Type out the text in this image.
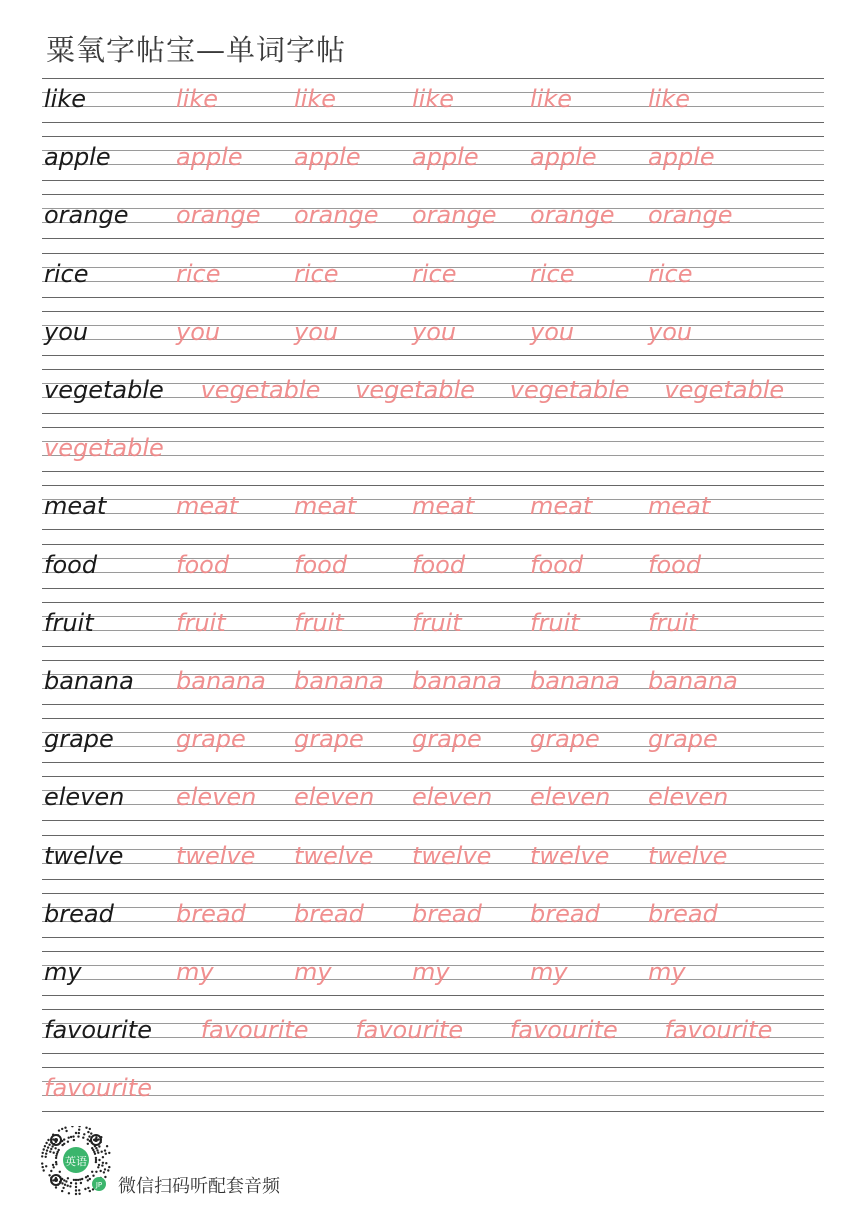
粟氧字帖宝—单词字帖
like	like	like	like	like	like
apple	apple apple apple apple apple
orange orange orange orange orange orange
rice	rice	rice	rice	rice	rice
you	you	you	you	you	you
vegetable vegetable vegetable vegetable vegetable
vegetable
meat	meat meat meat meat meat
food	food	food	food	food	food
fruit	fruit	fruit	fruit	fruit	fruit
banana banana banana banana banana banana
grape	grape grape grape grape grape
eleven eleven eleven eleven eleven eleven
twelve twelve twelve twelve twelve twelve
bread	bread bread bread bread bread
my	my	my	my	my	my
favourite favourite favourite favourite favourite
favourite
英语
JP 微信扫码听配套音频
